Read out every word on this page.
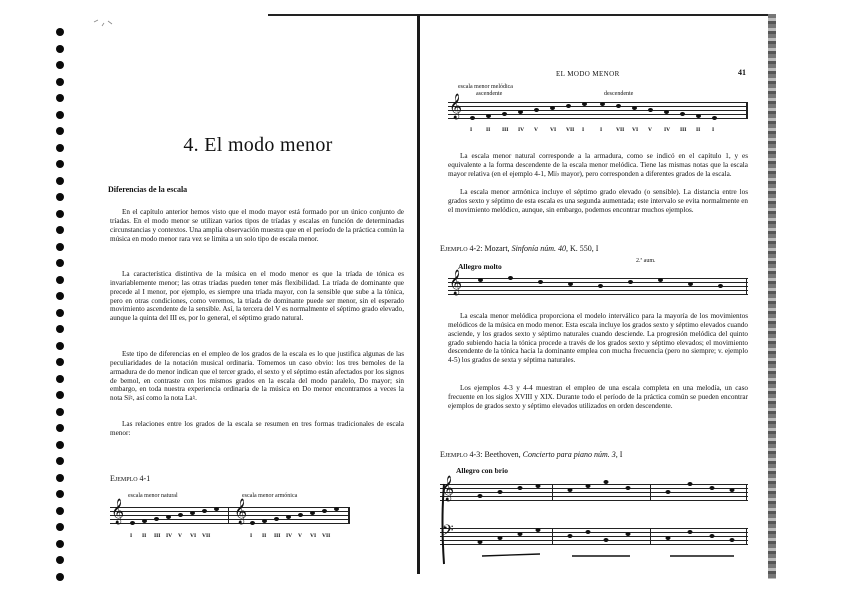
4. El modo menor
Diferencias de la escala
En el capítulo anterior hemos visto que el modo mayor está formado por un único conjunto de tríadas. En el modo menor se utilizan varios tipos de tríadas y escalas en función de determinadas circunstancias y contextos. Una amplia observación muestra que en el período de la práctica común la música en modo menor rara vez se limita a un solo tipo de escala menor.
La característica distintiva de la música en el modo menor es que la tríada de tónica es invariablemente menor; las otras tríadas pueden tener más flexibilidad. La tríada de dominante que precede al I menor, por ejemplo, es siempre una tríada mayor, con la sensible que sube a la tónica, pero en otras condiciones, como veremos, la tríada de dominante puede ser menor, sin el esperado movimiento ascendente de la sensible. Así, la tercera del V es normalmente el séptimo grado elevado, aunque la quinta del III es, por lo general, el séptimo grado natural.
Este tipo de diferencias en el empleo de los grados de la escala es lo que justifica algunas de las peculiaridades de la notación musical ordinaria. Tomemos un caso obvio: los tres bemoles de la armadura de do menor indican que el tercer grado, el sexto y el séptimo están afectados por los signos de bemol, en contraste con los mismos grados en la escala del modo paralelo, Do mayor; sin embargo, en toda nuestra experiencia ordinaria de la música en Do menor encontramos a veces la nota Si♮, así como la nota La♮.
Las relaciones entre los grados de la escala se resumen en tres formas tradicionales de escala menor:
Ejemplo 4-1
escala menor natural	escala menor armónica
𝄞	𝄞
I II III IV V VI VII	I II III IV V VI VII
EL MODO MENOR	41
escala menor melódica
ascendente	descendente
𝄞
I	II III IV V VI VII I	I	VII VI V IV III II I
La escala menor natural corresponde a la armadura, como se indicó en el capítulo 1, y es equivalente a la forma descendente de la escala menor melódica. Tiene las mismas notas que la escala mayor relativa (en el ejemplo 4-1, Mi♭ mayor), pero corresponden a diferentes grados de la escala.
La escala menor armónica incluye el séptimo grado elevado (o sensible). La distancia entre los grados sexto y séptimo de esta escala es una segunda aumentada; este intervalo se evita normalmente en el movimiento melódico, aunque, sin embargo, podemos encontrar muchos ejemplos.
Ejemplo 4-2: Mozart, Sinfonía núm. 40, K. 550, I
Allegro molto
2.ª aum.
𝄞
La escala menor melódica proporciona el modelo interválico para la mayoría de los movimientos melódicos de la música en modo menor. Esta escala incluye los grados sexto y séptimo elevados cuando asciende, y los grados sexto y séptimo naturales cuando desciende. La progresión melódica del quinto grado subiendo hacia la tónica procede a través de los grados sexto y séptimo elevados; el movimiento descendente de la tónica hacia la dominante emplea con mucha frecuencia (pero no siempre; v. ejemplo 4-5) los grados de sexta y séptima naturales.
Los ejemplos 4-3 y 4-4 muestran el empleo de una escala completa en una melodía, un caso frecuente en los siglos XVIII y XIX. Durante todo el período de la práctica común se pueden encontrar ejemplos de grados sexto y séptimo elevados utilizados en orden descendente.
Ejemplo 4-3: Beethoven, Concierto para piano núm. 3, I
Allegro con brio
𝄞
𝄢
